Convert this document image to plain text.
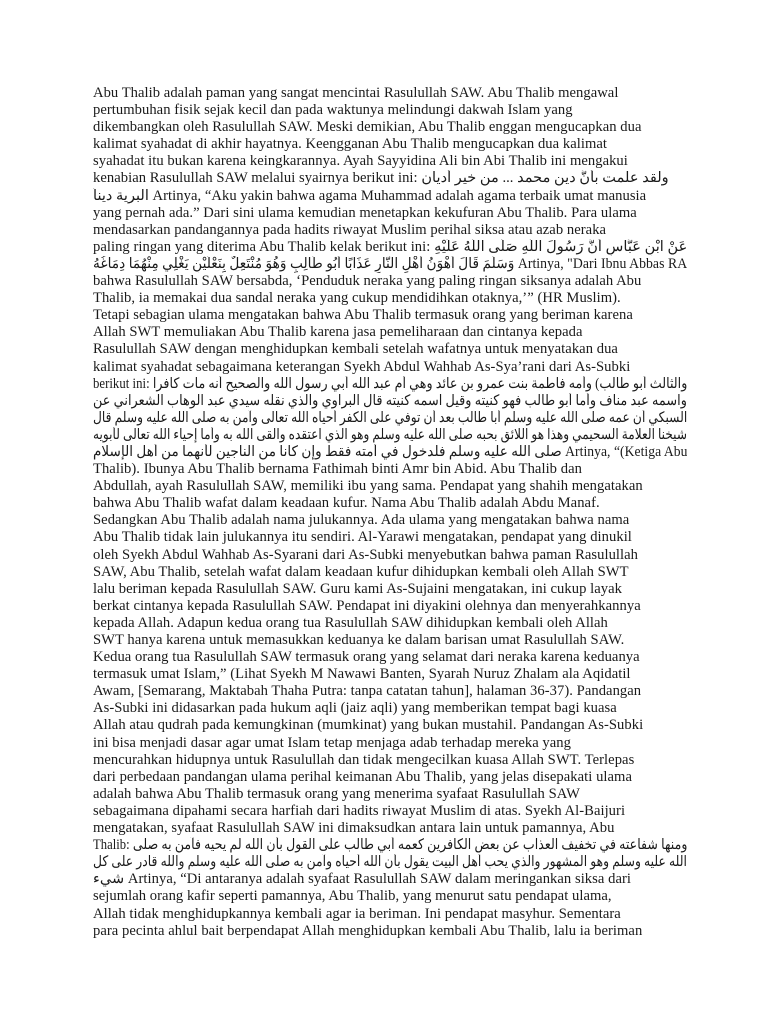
Abu Thalib adalah paman yang sangat mencintai Rasulullah SAW. Abu Thalib mengawal
pertumbuhan fisik sejak kecil dan pada waktunya melindungi dakwah Islam yang
dikembangkan oleh Rasulullah SAW. Meski demikian, Abu Thalib enggan mengucapkan dua
kalimat syahadat di akhir hayatnya. Keengganan Abu Thalib mengucapkan dua kalimat
syahadat itu bukan karena keingkarannya. Ayah Sayyidina Ali bin Abi Thalib ini mengakui
kenabian Rasulullah SAW melalui syairnya berikut ini: ولقد علمت بأنَّ دين محمد ... من خير أديان
البرية ديناً Artinya, “Aku yakin bahwa agama Muhammad adalah agama terbaik umat manusia
yang pernah ada.” Dari sini ulama kemudian menetapkan kekufuran Abu Thalib. Para ulama
mendasarkan pandangannya pada hadits riwayat Muslim perihal siksa atau azab neraka
paling ringan yang diterima Abu Thalib kelak berikut ini: عَنْ ابْنِ عَبَّاسٍ أَنَّ رَسُولَ اللَّهِ صَلَّى اللَّهُ عَلَيْهِ
وَسَلَّمَ قَالَ أَهْوَنُ أَهْلِ النَّارِ عَذَابًا أَبُو طَالِبٍ وَهُوَ مُنْتَعِلٌ بِنَعْلَيْنِ يَغْلِي مِنْهُمَا دِمَاغُهُ Artinya, "Dari Ibnu Abbas RA
bahwa Rasulullah SAW bersabda, ‘Penduduk neraka yang paling ringan siksanya adalah Abu
Thalib, ia memakai dua sandal neraka yang cukup mendidihkan otaknya,’” (HR Muslim).
Tetapi sebagian ulama mengatakan bahwa Abu Thalib termasuk orang yang beriman karena
Allah SWT memuliakan Abu Thalib karena jasa pemeliharaan dan cintanya kepada
Rasulullah SAW dengan menghidupkan kembali setelah wafatnya untuk menyatakan dua
kalimat syahadat sebagaimana keterangan Syekh Abdul Wahhab As-Sya’rani dari As-Subki
berikut ini: والثالث أبو طالب) وأمه فاطمة بنت عمرو بن عائد وهي أم عبد الله أبي رسول الله والصحيح أنه مات كافرا
واسمه عبد مناف وأما أبو طالب فهو كنيته وقيل اسمه كنيته قال البراوي والذي نقله سيدي عبد الوهاب الشعراني عن
السبكي أن عمه صلى الله عليه وسلم أبا طالب بعد أن توفي على الكفر أحياه الله تعالى وآمن به صلى الله عليه وسلم قال
شيخنا العلامة السحيمي وهذا هو اللائق بحبه صلى الله عليه وسلم وهو الذي اعتقده والقى الله به وأما إحياء الله تعالى لأبويه
صلى الله عليه وسلم فلدخول في أمته فقط وإن كانا من الناجين لأنهما من أهل الإسلام Artinya, “(Ketiga Abu
Thalib). Ibunya Abu Thalib bernama Fathimah binti Amr bin Abid. Abu Thalib dan
Abdullah, ayah Rasulullah SAW, memiliki ibu yang sama. Pendapat yang shahih mengatakan
bahwa Abu Thalib wafat dalam keadaan kufur. Nama Abu Thalib adalah Abdu Manaf.
Sedangkan Abu Thalib adalah nama julukannya. Ada ulama yang mengatakan bahwa nama
Abu Thalib tidak lain julukannya itu sendiri. Al-Yarawi mengatakan, pendapat yang dinukil
oleh Syekh Abdul Wahhab As-Syarani dari As-Subki menyebutkan bahwa paman Rasulullah
SAW, Abu Thalib, setelah wafat dalam keadaan kufur dihidupkan kembali oleh Allah SWT
lalu beriman kepada Rasulullah SAW. Guru kami As-Sujaini mengatakan, ini cukup layak
berkat cintanya kepada Rasulullah SAW. Pendapat ini diyakini olehnya dan menyerahkannya
kepada Allah. Adapun kedua orang tua Rasulullah SAW dihidupkan kembali oleh Allah
SWT hanya karena untuk memasukkan keduanya ke dalam barisan umat Rasulullah SAW.
Kedua orang tua Rasulullah SAW termasuk orang yang selamat dari neraka karena keduanya
termasuk umat Islam,” (Lihat Syekh M Nawawi Banten, Syarah Nuruz Zhalam ala Aqidatil
Awam, [Semarang, Maktabah Thaha Putra: tanpa catatan tahun], halaman 36-37). Pandangan
As-Subki ini didasarkan pada hukum aqli (jaiz aqli) yang memberikan tempat bagi kuasa
Allah atau qudrah pada kemungkinan (mumkinat) yang bukan mustahil. Pandangan As-Subki
ini bisa menjadi dasar agar umat Islam tetap menjaga adab terhadap mereka yang
mencurahkan hidupnya untuk Rasulullah dan tidak mengecilkan kuasa Allah SWT. Terlepas
dari perbedaan pandangan ulama perihal keimanan Abu Thalib, yang jelas disepakati ulama
adalah bahwa Abu Thalib termasuk orang yang menerima syafaat Rasulullah SAW
sebagaimana dipahami secara harfiah dari hadits riwayat Muslim di atas. Syekh Al-Baijuri
mengatakan, syafaat Rasulullah SAW ini dimaksudkan antara lain untuk pamannya, Abu
Thalib: ومنها شفاعته في تخفيف العذاب عن بعض الكافرين كعمه أبي طالب على القول بأن الله لم يحيه فآمن به صلى
الله عليه وسلم وهو المشهور والذي يحب أهل البيت يقول بأن الله أحياه وآمن به صلى الله عليه وسلم والله قادر على كل
شيء Artinya, “Di antaranya adalah syafaat Rasulullah SAW dalam meringankan siksa dari
sejumlah orang kafir seperti pamannya, Abu Thalib, yang menurut satu pendapat ulama,
Allah tidak menghidupkannya kembali agar ia beriman. Ini pendapat masyhur. Sementara
para pecinta ahlul bait berpendapat Allah menghidupkan kembali Abu Thalib, lalu ia beriman
